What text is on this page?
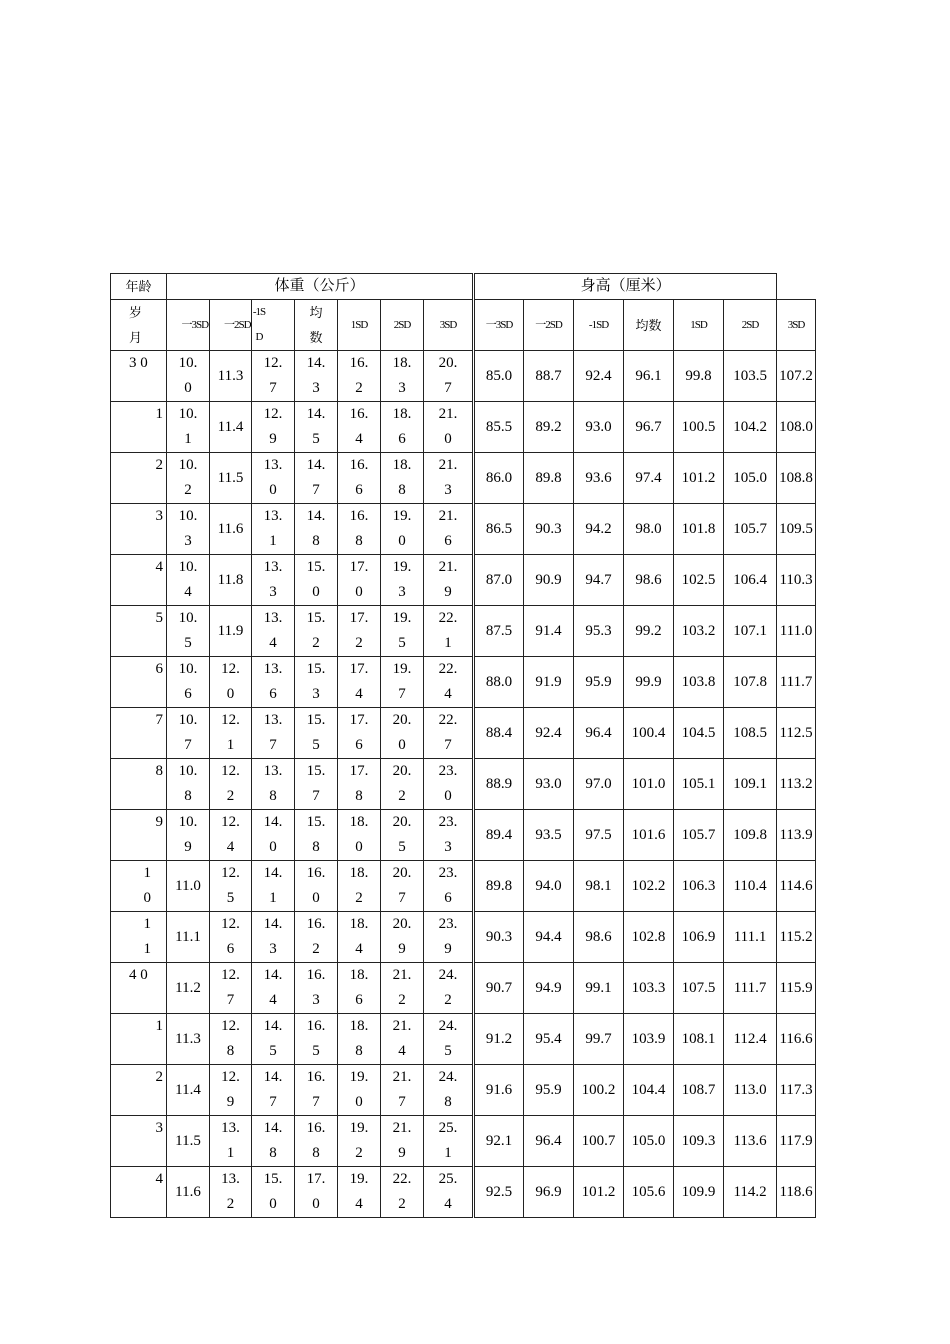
年龄	体重（公斤）							身高（厘米）						

岁月	一3SD	一2SD	-1SD	均数	1SD	2SD	3SD	一3SD	一2SD	-1SD	均数	1SD	2SD	3SD

3 0	10.0	11.3	12.7	14.3	16.2	18.3	20.7	85.0	88.7	92.4	96.1	99.8	103.5	107.2

1	10.1	11.4	12.9	14.5	16.4	18.6	21.0	85.5	89.2	93.0	96.7	100.5	104.2	108.0

2	10.2	11.5	13.0	14.7	16.6	18.8	21.3	86.0	89.8	93.6	97.4	101.2	105.0	108.8

3	10.3	11.6	13.1	14.8	16.8	19.0	21.6	86.5	90.3	94.2	98.0	101.8	105.7	109.5

4	10.4	11.8	13.3	15.0	17.0	19.3	21.9	87.0	90.9	94.7	98.6	102.5	106.4	110.3

5	10.5	11.9	13.4	15.2	17.2	19.5	22.1	87.5	91.4	95.3	99.2	103.2	107.1	111.0

6	10.6	12.0	13.6	15.3	17.4	19.7	22.4	88.0	91.9	95.9	99.9	103.8	107.8	111.7

7	10.7	12.1	13.7	15.5	17.6	20.0	22.7	88.4	92.4	96.4	100.4	104.5	108.5	112.5

8	10.8	12.2	13.8	15.7	17.8	20.2	23.0	88.9	93.0	97.0	101.0	105.1	109.1	113.2

9	10.9	12.4	14.0	15.8	18.0	20.5	23.3	89.4	93.5	97.5	101.6	105.7	109.8	113.9

10	11.0	12.5	14.1	16.0	18.2	20.7	23.6	89.8	94.0	98.1	102.2	106.3	110.4	114.6

11	11.1	12.6	14.3	16.2	18.4	20.9	23.9	90.3	94.4	98.6	102.8	106.9	111.1	115.2

4 0	11.2	12.7	14.4	16.3	18.6	21.2	24.2	90.7	94.9	99.1	103.3	107.5	111.7	115.9

1	11.3	12.8	14.5	16.5	18.8	21.4	24.5	91.2	95.4	99.7	103.9	108.1	112.4	116.6

2	11.4	12.9	14.7	16.7	19.0	21.7	24.8	91.6	95.9	100.2	104.4	108.7	113.0	117.3

3	11.5	13.1	14.8	16.8	19.2	21.9	25.1	92.1	96.4	100.7	105.0	109.3	113.6	117.9

4	11.6	13.2	15.0	17.0	19.4	22.2	25.4	92.5	96.9	101.2	105.6	109.9	114.2	118.6
